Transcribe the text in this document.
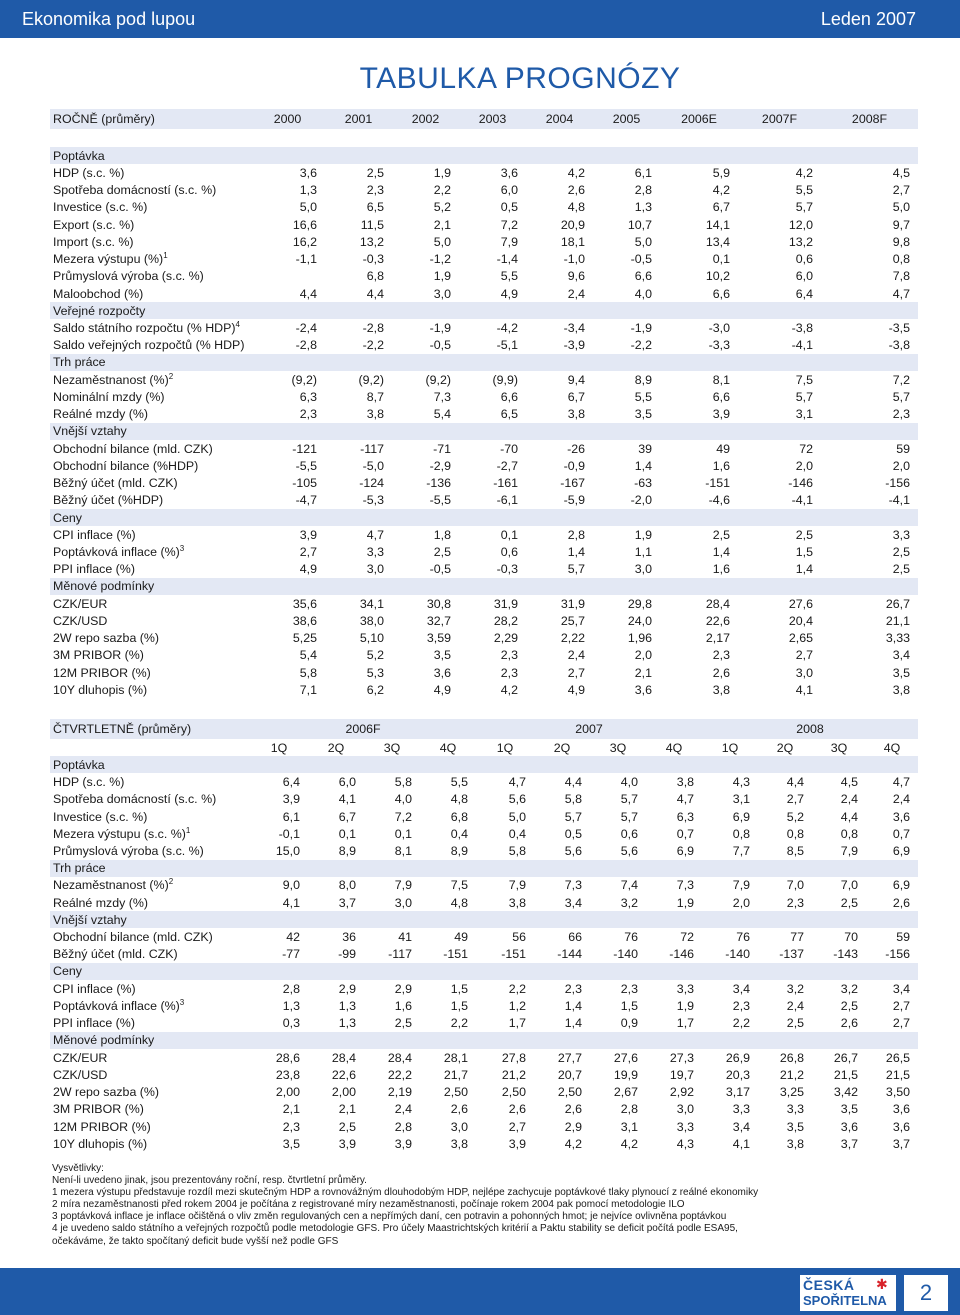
Ekonomika pod lupou	Leden 2007
TABULKA PROGNÓZY
ROČNĚ (průměry)	2000	2001	2002	2003	2004	2005	2006E	2007F	2008F

Poptávka									
HDP (s.c. %)	3,6	2,5	1,9	3,6	4,2	6,1	5,9	4,2	4,5
Spotřeba domácností (s.c. %)	1,3	2,3	2,2	6,0	2,6	2,8	4,2	5,5	2,7
Investice (s.c. %)	5,0	6,5	5,2	0,5	4,8	1,3	6,7	5,7	5,0
Export (s.c. %)	16,6	11,5	2,1	7,2	20,9	10,7	14,1	12,0	9,7
Import (s.c. %)	16,2	13,2	5,0	7,9	18,1	5,0	13,4	13,2	9,8
Mezera výstupu (%)$^1$	-1,1	-0,3	-1,2	-1,4	-1,0	-0,5	0,1	0,6	0,8
Průmyslová výroba (s.c. %)		6,8	1,9	5,5	9,6	6,6	10,2	6,0	7,8
Maloobchod (%)	4,4	4,4	3,0	4,9	2,4	4,0	6,6	6,4	4,7
Veřejné rozpočty									
Saldo státního rozpočtu (% HDP)$^4$	-2,4	-2,8	-1,9	-4,2	-3,4	-1,9	-3,0	-3,8	-3,5
Saldo veřejných rozpočtů (% HDP)	-2,8	-2,2	-0,5	-5,1	-3,9	-2,2	-3,3	-4,1	-3,8
Trh práce									
Nezaměstnanost (%)$^2$	(9,2)	(9,2)	(9,2)	(9,9)	9,4	8,9	8,1	7,5	7,2
Nominální mzdy (%)	6,3	8,7	7,3	6,6	6,7	5,5	6,6	5,7	5,7
Reálné mzdy (%)	2,3	3,8	5,4	6,5	3,8	3,5	3,9	3,1	2,3
Vnější vztahy									
Obchodní bilance (mld. CZK)	-121	-117	-71	-70	-26	39	49	72	59
Obchodní bilance (%HDP)	-5,5	-5,0	-2,9	-2,7	-0,9	1,4	1,6	2,0	2,0
Běžný účet (mld. CZK)	-105	-124	-136	-161	-167	-63	-151	-146	-156
Běžný účet (%HDP)	-4,7	-5,3	-5,5	-6,1	-5,9	-2,0	-4,6	-4,1	-4,1
Ceny									
CPI inflace (%)	3,9	4,7	1,8	0,1	2,8	1,9	2,5	2,5	3,3
Poptávková inflace (%)$^3$	2,7	3,3	2,5	0,6	1,4	1,1	1,4	1,5	2,5
PPI inflace (%)	4,9	3,0	-0,5	-0,3	5,7	3,0	1,6	1,4	2,5
Měnové podmínky									
CZK/EUR	35,6	34,1	30,8	31,9	31,9	29,8	28,4	27,6	26,7
CZK/USD	38,6	38,0	32,7	28,2	25,7	24,0	22,6	20,4	21,1
2W repo sazba (%)	5,25	5,10	3,59	2,29	2,22	1,96	2,17	2,65	3,33
3M PRIBOR (%)	5,4	5,2	3,5	2,3	2,4	2,0	2,3	2,7	3,4
12M PRIBOR (%)	5,8	5,3	3,6	2,3	2,7	2,1	2,6	3,0	3,5
10Y dluhopis (%)	7,1	6,2	4,9	4,2	4,9	3,6	3,8	4,1	3,8
ČTVRTLETNĚ (průměry)	2006F				2007				2008			
	1Q	2Q	3Q	4Q	1Q	2Q	3Q	4Q	1Q	2Q	3Q	4Q
Poptávka												
HDP (s.c. %)	6,4	6,0	5,8	5,5	4,7	4,4	4,0	3,8	4,3	4,4	4,5	4,7
Spotřeba domácností (s.c. %)	3,9	4,1	4,0	4,8	5,6	5,8	5,7	4,7	3,1	2,7	2,4	2,4
Investice (s.c. %)	6,1	6,7	7,2	6,8	5,0	5,7	5,7	6,3	6,9	5,2	4,4	3,6
Mezera výstupu (s.c. %)$^1$	-0,1	0,1	0,1	0,4	0,4	0,5	0,6	0,7	0,8	0,8	0,8	0,7
Průmyslová výroba (s.c. %)	15,0	8,9	8,1	8,9	5,8	5,6	5,6	6,9	7,7	8,5	7,9	6,9
Trh práce												
Nezaměstnanost (%)$^2$	9,0	8,0	7,9	7,5	7,9	7,3	7,4	7,3	7,9	7,0	7,0	6,9
Reálné mzdy (%)	4,1	3,7	3,0	4,8	3,8	3,4	3,2	1,9	2,0	2,3	2,5	2,6
Vnější vztahy												
Obchodní bilance (mld. CZK)	42	36	41	49	56	66	76	72	76	77	70	59
Běžný účet (mld. CZK)	-77	-99	-117	-151	-151	-144	-140	-146	-140	-137	-143	-156
Ceny												
CPI inflace (%)	2,8	2,9	2,9	1,5	2,2	2,3	2,3	3,3	3,4	3,2	3,2	3,4
Poptávková inflace (%)$^3$	1,3	1,3	1,6	1,5	1,2	1,4	1,5	1,9	2,3	2,4	2,5	2,7
PPI inflace (%)	0,3	1,3	2,5	2,2	1,7	1,4	0,9	1,7	2,2	2,5	2,6	2,7
Měnové podmínky												
CZK/EUR	28,6	28,4	28,4	28,1	27,8	27,7	27,6	27,3	26,9	26,8	26,7	26,5
CZK/USD	23,8	22,6	22,2	21,7	21,2	20,7	19,9	19,7	20,3	21,2	21,5	21,5
2W repo sazba (%)	2,00	2,00	2,19	2,50	2,50	2,50	2,67	2,92	3,17	3,25	3,42	3,50
3M PRIBOR (%)	2,1	2,1	2,4	2,6	2,6	2,6	2,8	3,0	3,3	3,3	3,5	3,6
12M PRIBOR (%)	2,3	2,5	2,8	3,0	2,7	2,9	3,1	3,3	3,4	3,5	3,6	3,6
10Y dluhopis (%)	3,5	3,9	3,9	3,8	3,9	4,2	4,2	4,3	4,1	3,8	3,7	3,7
Vysvětlivky:
Není-li uvedeno jinak, jsou prezentovány roční, resp. čtvrtletní průměry.
1 mezera výstupu představuje rozdíl mezi skutečným HDP a rovnovážným dlouhodobým HDP, nejlépe zachycuje poptávkové tlaky plynoucí z reálné ekonomiky
2 míra nezaměstnanosti před rokem 2004 je počítána z registrované míry nezaměstnanosti, počínaje rokem 2004 pak pomocí metodologie ILO
3 poptávková inflace je inflace očištěná o vliv změn regulovaných cen a nepřímých daní, cen potravin a pohonných hmot; je nejvíce ovlivněna poptávkou
4 je uvedeno saldo státního a veřejných rozpočtů podle metodologie GFS. Pro účely Maastrichtských kritérií a Paktu stability se deficit počítá podle ESA95,
očekáváme, že takto spočítaný deficit bude vyšší než podle GFS
ČESKÁ ✱
SPOŘITELNA	2
